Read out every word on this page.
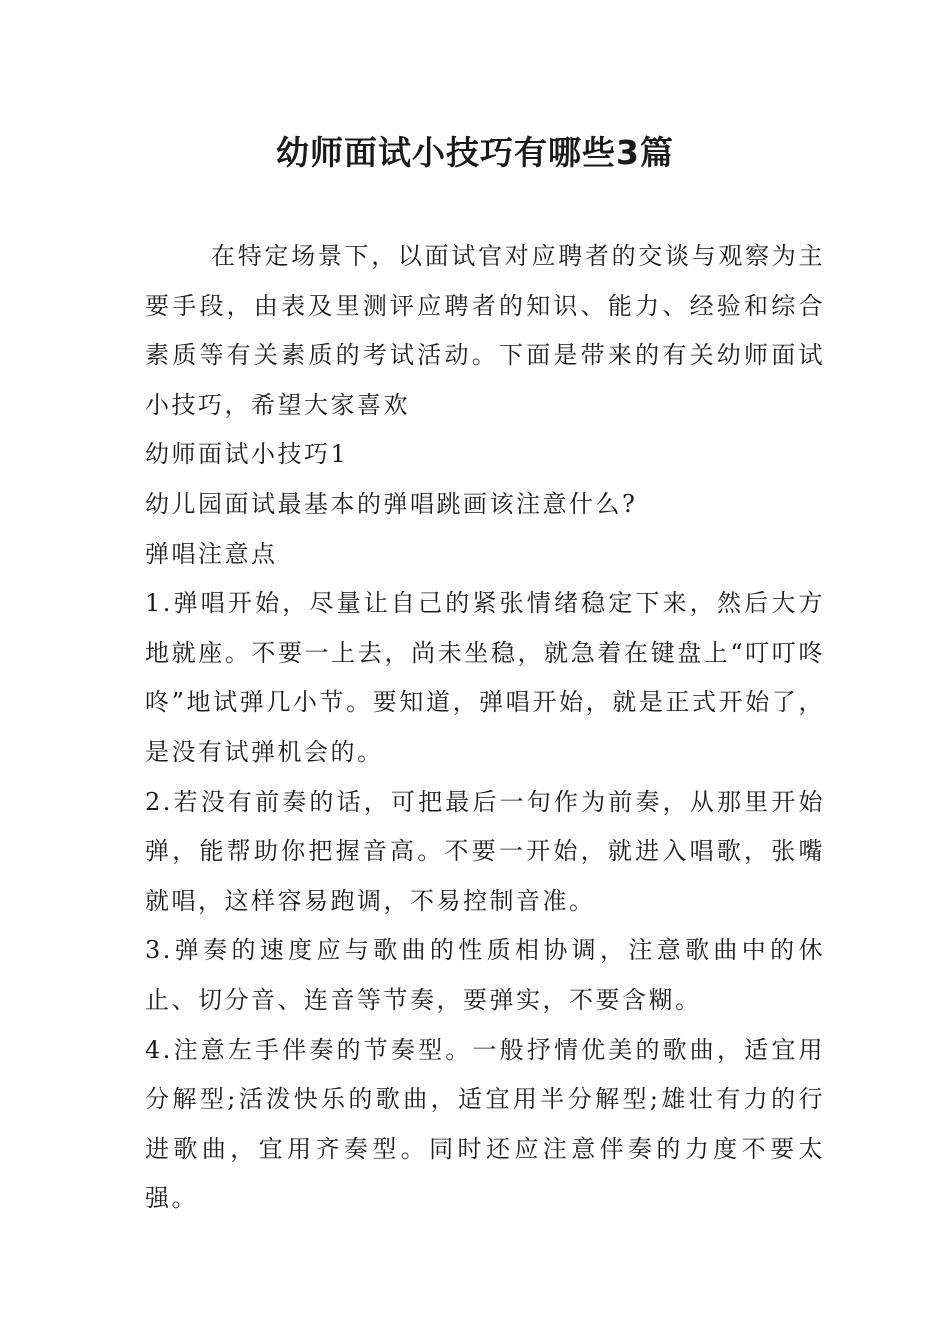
幼师面试小技巧有哪些3篇

在特定场景下，以面试官对应聘者的交谈与观察为主要手段，由表及里测评应聘者的知识、能力、经验和综合素质等有关素质的考试活动。下面是带来的有关幼师面试小技巧，希望大家喜欢

幼师面试小技巧1

幼儿园面试最基本的弹唱跳画该注意什么?

弹唱注意点

1.弹唱开始，尽量让自己的紧张情绪稳定下来，然后大方地就座。不要一上去，尚未坐稳，就急着在键盘上“叮叮咚咚”地试弹几小节。要知道，弹唱开始，就是正式开始了，是没有试弹机会的。

2.若没有前奏的话，可把最后一句作为前奏，从那里开始弹，能帮助你把握音高。不要一开始，就进入唱歌，张嘴就唱，这样容易跑调，不易控制音准。

3.弹奏的速度应与歌曲的性质相协调，注意歌曲中的休止、切分音、连音等节奏，要弹实，不要含糊。

4.注意左手伴奏的节奏型。一般抒情优美的歌曲，适宜用分解型;活泼快乐的歌曲，适宜用半分解型;雄壮有力的行进歌曲，宜用齐奏型。同时还应注意伴奏的力度不要太强。
